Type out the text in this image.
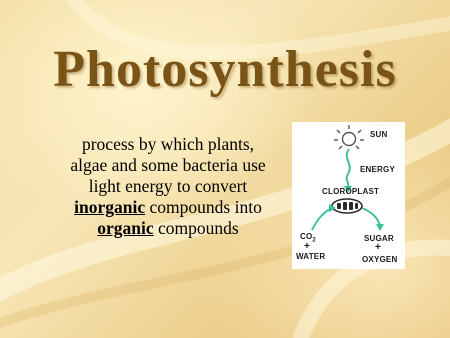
Photosynthesis
process by which plants, algae and some bacteria use light energy to convert inorganic compounds into organic compounds
SUN
ENERGY
CLOROPLAST
$CO_2$
+
WATER
SUGAR
+
OXYGEN
